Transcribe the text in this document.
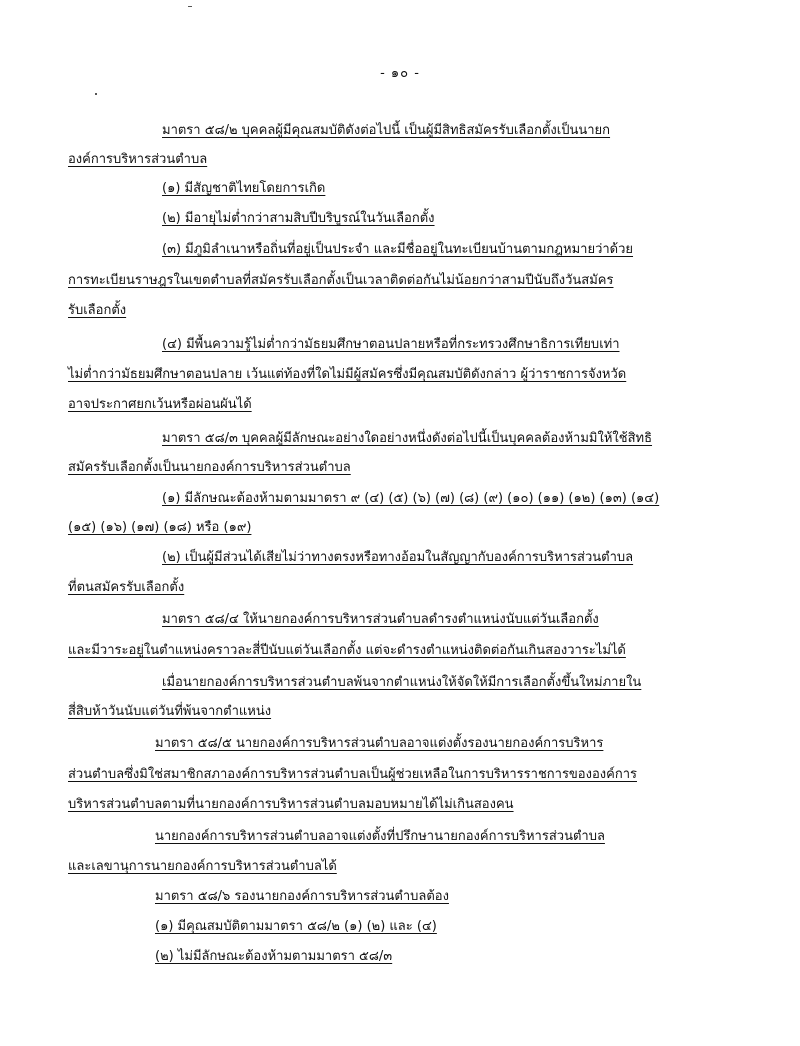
- ๑๐ -
มาตรา ๕๘/๒ บุคคลผู้มีคุณสมบัติดังต่อไปนี้ เป็นผู้มีสิทธิสมัครรับเลือกตั้งเป็นนายก
องค์การบริหารส่วนตำบล
(๑) มีสัญชาติไทยโดยการเกิด
(๒) มีอายุไม่ต่ำกว่าสามสิบปีบริบูรณ์ในวันเลือกตั้ง
(๓) มีภูมิลำเนาหรือถิ่นที่อยู่เป็นประจำ และมีชื่ออยู่ในทะเบียนบ้านตามกฎหมายว่าด้วย
การทะเบียนราษฎรในเขตตำบลที่สมัครรับเลือกตั้งเป็นเวลาติดต่อกันไม่น้อยกว่าสามปีนับถึงวันสมัคร
รับเลือกตั้ง
(๔) มีพื้นความรู้ไม่ต่ำกว่ามัธยมศึกษาตอนปลายหรือที่กระทรวงศึกษาธิการเทียบเท่า
ไม่ต่ำกว่ามัธยมศึกษาตอนปลาย เว้นแต่ท้องที่ใดไม่มีผู้สมัครซึ่งมีคุณสมบัติดังกล่าว ผู้ว่าราชการจังหวัด
อาจประกาศยกเว้นหรือผ่อนผันได้
มาตรา ๕๘/๓ บุคคลผู้มีลักษณะอย่างใดอย่างหนึ่งดังต่อไปนี้เป็นบุคคลต้องห้ามมิให้ใช้สิทธิ
สมัครรับเลือกตั้งเป็นนายกองค์การบริหารส่วนตำบล
(๑) มีลักษณะต้องห้ามตามมาตรา ๙ (๔) (๕) (๖) (๗) (๘) (๙) (๑๐) (๑๑) (๑๒) (๑๓) (๑๔)
(๑๕) (๑๖) (๑๗) (๑๘) หรือ (๑๙)
(๒) เป็นผู้มีส่วนได้เสียไม่ว่าทางตรงหรือทางอ้อมในสัญญากับองค์การบริหารส่วนตำบล
ที่ตนสมัครรับเลือกตั้ง
มาตรา ๕๘/๔ ให้นายกองค์การบริหารส่วนตำบลดำรงตำแหน่งนับแต่วันเลือกตั้ง
และมีวาระอยู่ในตำแหน่งคราวละสี่ปีนับแต่วันเลือกตั้ง แต่จะดำรงตำแหน่งติดต่อกันเกินสองวาระไม่ได้
เมื่อนายกองค์การบริหารส่วนตำบลพ้นจากตำแหน่งให้จัดให้มีการเลือกตั้งขึ้นใหม่ภายใน
สี่สิบห้าวันนับแต่วันที่พ้นจากตำแหน่ง
มาตรา ๕๘/๕ นายกองค์การบริหารส่วนตำบลอาจแต่งตั้งรองนายกองค์การบริหาร
ส่วนตำบลซึ่งมิใช่สมาชิกสภาองค์การบริหารส่วนตำบลเป็นผู้ช่วยเหลือในการบริหารราชการขององค์การ
บริหารส่วนตำบลตามที่นายกองค์การบริหารส่วนตำบลมอบหมายได้ไม่เกินสองคน
นายกองค์การบริหารส่วนตำบลอาจแต่งตั้งที่ปรึกษานายกองค์การบริหารส่วนตำบล
และเลขานุการนายกองค์การบริหารส่วนตำบลได้
มาตรา ๕๘/๖ รองนายกองค์การบริหารส่วนตำบลต้อง
(๑) มีคุณสมบัติตามมาตรา ๕๘/๒ (๑) (๒) และ (๔)
(๒) ไม่มีลักษณะต้องห้ามตามมาตรา ๕๘/๓
